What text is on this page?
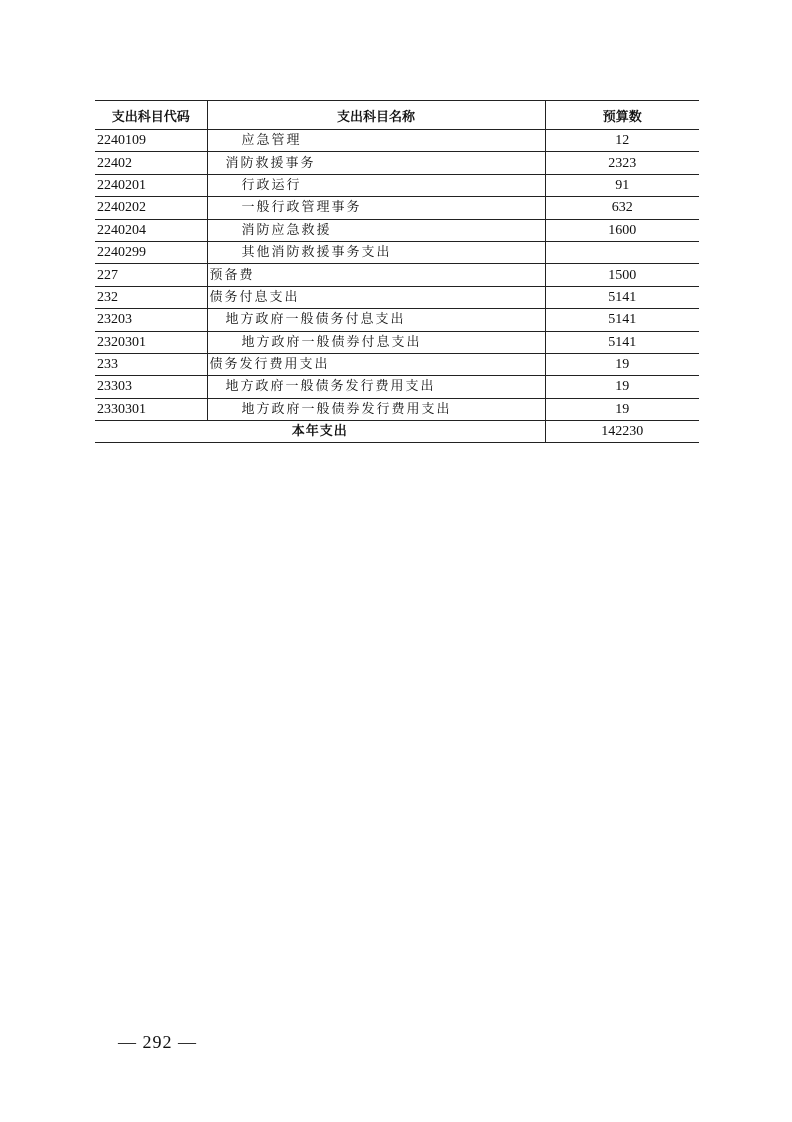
支出科目代码	支出科目名称	预算数
2240109	应急管理	12
22402	消防救援事务	2323
2240201	行政运行	91
2240202	一般行政管理事务	632
2240204	消防应急救援	1600
2240299	其他消防救援事务支出	
227	预备费	1500
232	债务付息支出	5141
23203	地方政府一般债务付息支出	5141
2320301	地方政府一般债券付息支出	5141
233	债务发行费用支出	19
23303	地方政府一般债务发行费用支出	19
2330301	地方政府一般债券发行费用支出	19
本年支出		142230
— 292 —
